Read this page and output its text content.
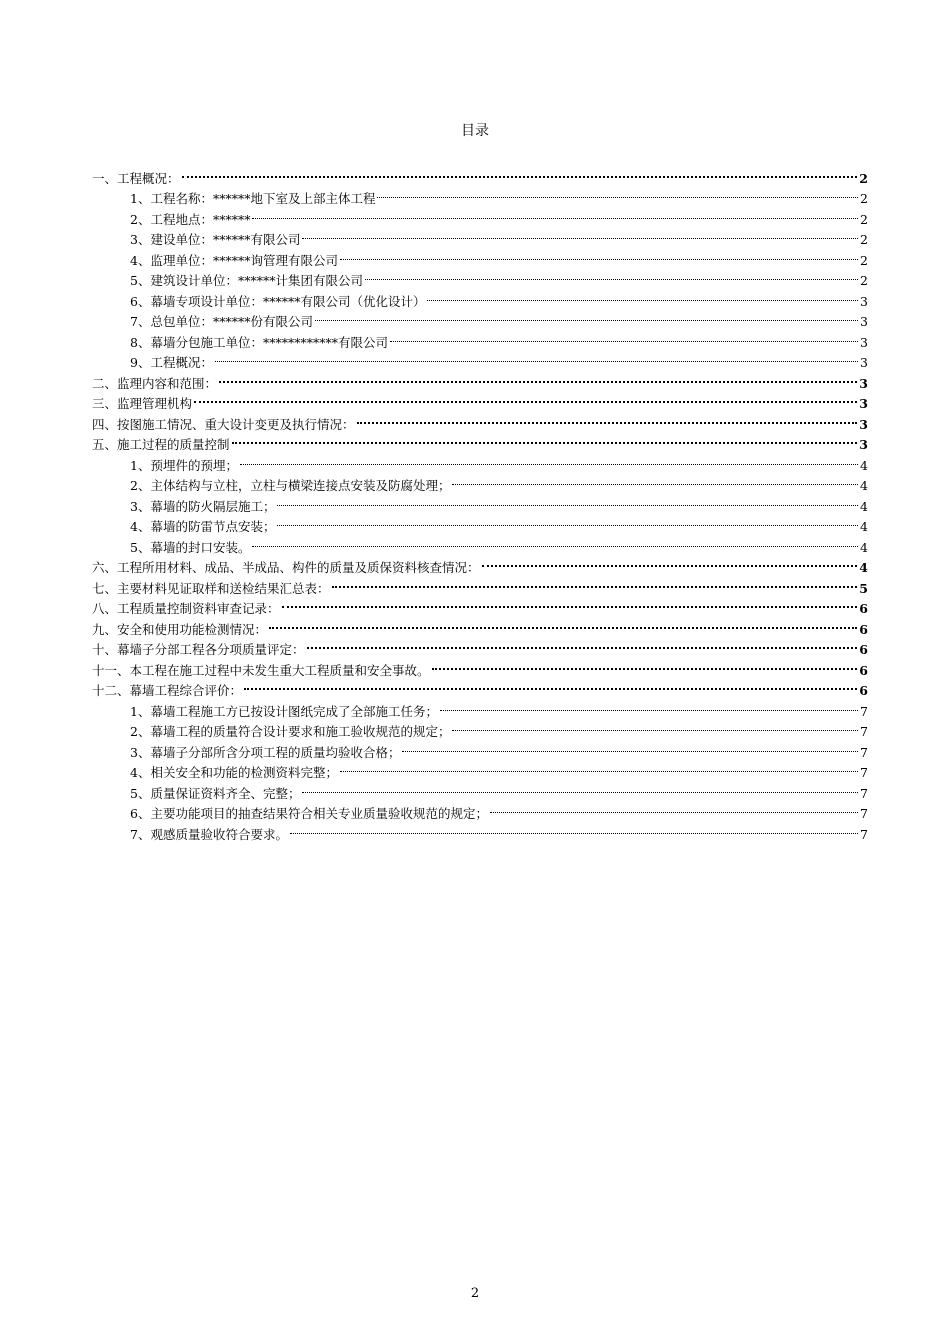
目录
一、工程概况：	2
1、工程名称：******地下室及上部主体工程	2
2、工程地点：******	2
3、建设单位：******有限公司	2
4、监理单位：******询管理有限公司	2
5、建筑设计单位：******计集团有限公司	2
6、幕墙专项设计单位：******有限公司（优化设计）	3
7、总包单位：******份有限公司	3
8、幕墙分包施工单位：************有限公司	3
9、工程概况：	3
二、监理内容和范围：	3
三、监理管理机构	3
四、按图施工情况、重大设计变更及执行情况：	3
五、施工过程的质量控制	3
1、预埋件的预埋；	4
2、主体结构与立柱，立柱与横梁连接点安装及防腐处理；	4
3、幕墙的防火隔层施工；	4
4、幕墙的防雷节点安装；	4
5、幕墙的封口安装。	4
六、工程所用材料、成品、半成品、构件的质量及质保资料核查情况：	4
七、主要材料见证取样和送检结果汇总表：	5
八、工程质量控制资料审查记录：	6
九、安全和使用功能检测情况：	6
十、幕墙子分部工程各分项质量评定：	6
十一、本工程在施工过程中未发生重大工程质量和安全事故。	6
十二、幕墙工程综合评价：	6
1、幕墙工程施工方已按设计图纸完成了全部施工任务；	7
2、幕墙工程的质量符合设计要求和施工验收规范的规定；	7
3、幕墙子分部所含分项工程的质量均验收合格；	7
4、相关安全和功能的检测资料完整；	7
5、质量保证资料齐全、完整；	7
6、主要功能项目的抽查结果符合相关专业质量验收规范的规定；	7
7、观感质量验收符合要求。	7
2
